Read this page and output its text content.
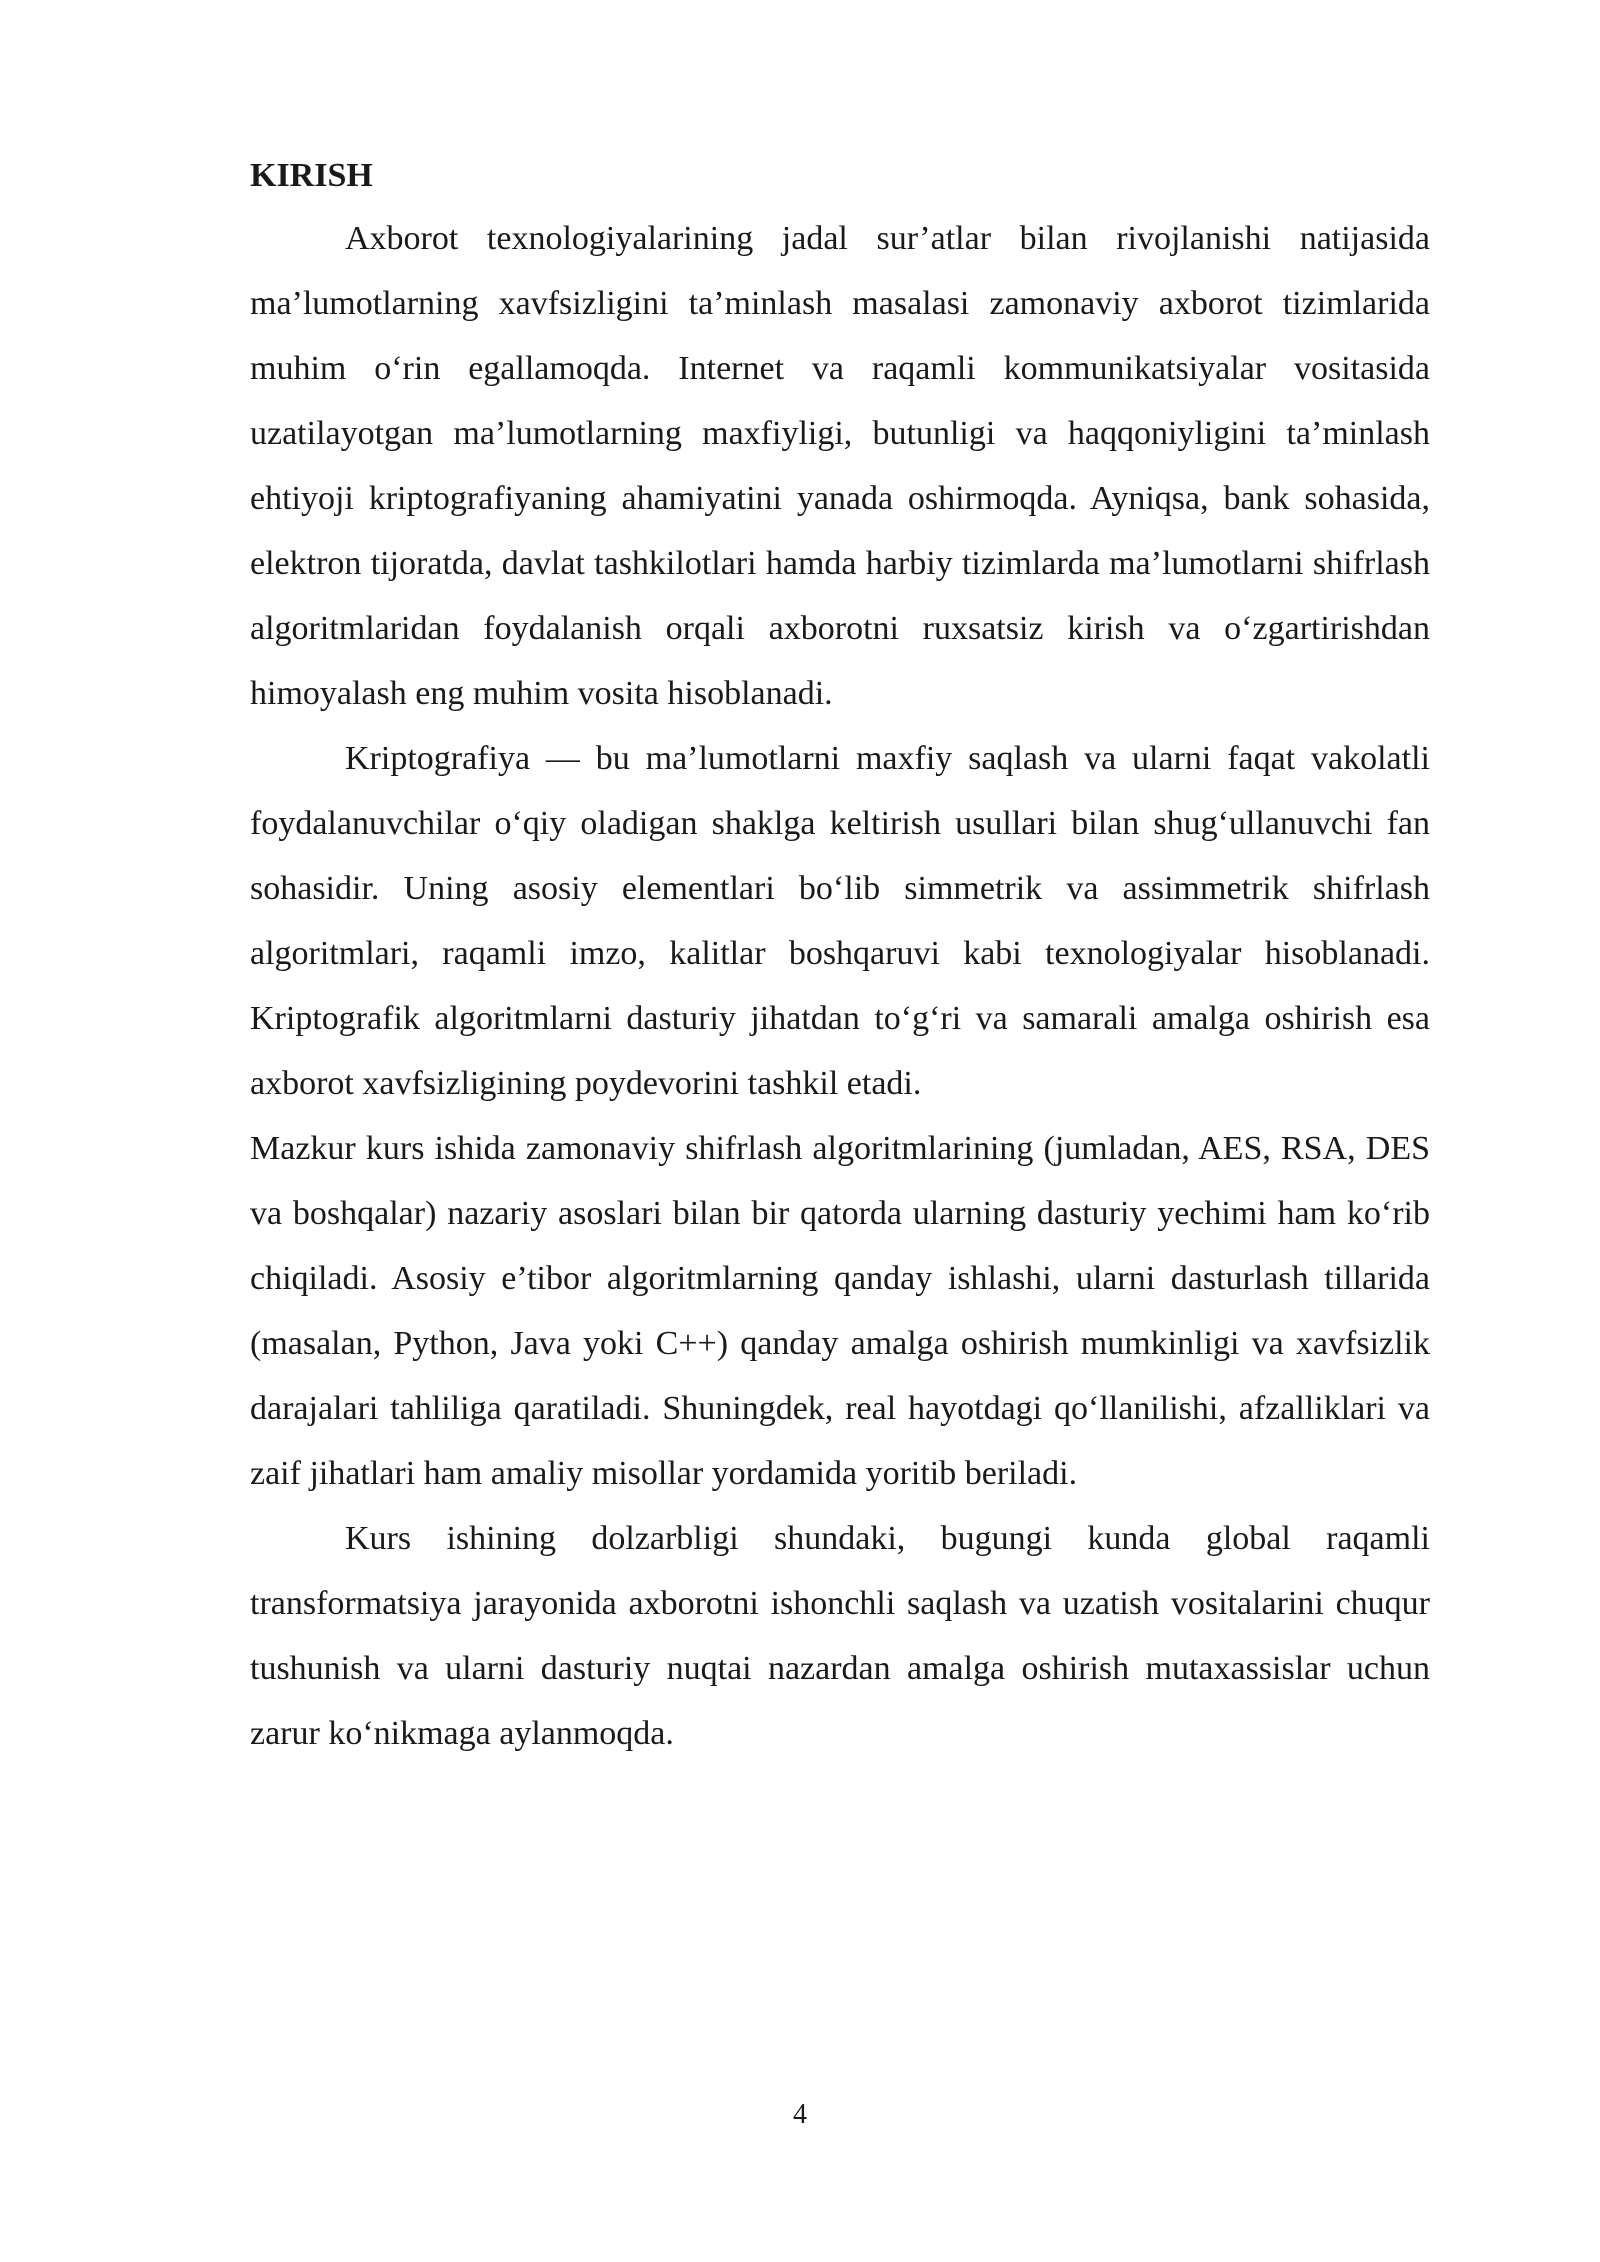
KIRISH

Axborot texnologiyalarining jadal sur’atlar bilan rivojlanishi natijasida ma’lumotlarning xavfsizligini ta’minlash masalasi zamonaviy axborot tizimlarida muhim o‘rin egallamoqda. Internet va raqamli kommunikatsiyalar vositasida uzatilayotgan ma’lumotlarning maxfiyligi, butunligi va haqqoniyligini ta’minlash ehtiyoji kriptografiyaning ahamiyatini yanada oshirmoqda. Ayniqsa, bank sohasida, elektron tijoratda, davlat tashkilotlari hamda harbiy tizimlarda ma’lumotlarni shifrlash algoritmlaridan foydalanish orqali axborotni ruxsatsiz kirish va o‘zgartirishdan himoyalash eng muhim vosita hisoblanadi.

Kriptografiya — bu ma’lumotlarni maxfiy saqlash va ularni faqat vakolatli foydalanuvchilar o‘qiy oladigan shaklga keltirish usullari bilan shug‘ullanuvchi fan sohasidir. Uning asosiy elementlari bo‘lib simmetrik va assimmetrik shifrlash algoritmlari, raqamli imzo, kalitlar boshqaruvi kabi texnologiyalar hisoblanadi. Kriptografik algoritmlarni dasturiy jihatdan to‘g‘ri va samarali amalga oshirish esa axborot xavfsizligining poydevorini tashkil etadi.

Mazkur kurs ishida zamonaviy shifrlash algoritmlarining (jumladan, AES, RSA, DES va boshqalar) nazariy asoslari bilan bir qatorda ularning dasturiy yechimi ham ko‘rib chiqiladi. Asosiy e’tibor algoritmlarning qanday ishlashi, ularni dasturlash tillarida (masalan, Python, Java yoki C++) qanday amalga oshirish mumkinligi va xavfsizlik darajalari tahliliga qaratiladi. Shuningdek, real hayotdagi qo‘llanilishi, afzalliklari va zaif jihatlari ham amaliy misollar yordamida yoritib beriladi.

Kurs ishining dolzarbligi shundaki, bugungi kunda global raqamli transformatsiya jarayonida axborotni ishonchli saqlash va uzatish vositalarini chuqur tushunish va ularni dasturiy nuqtai nazardan amalga oshirish mutaxassislar uchun zarur ko‘nikmaga aylanmoqda.

4
